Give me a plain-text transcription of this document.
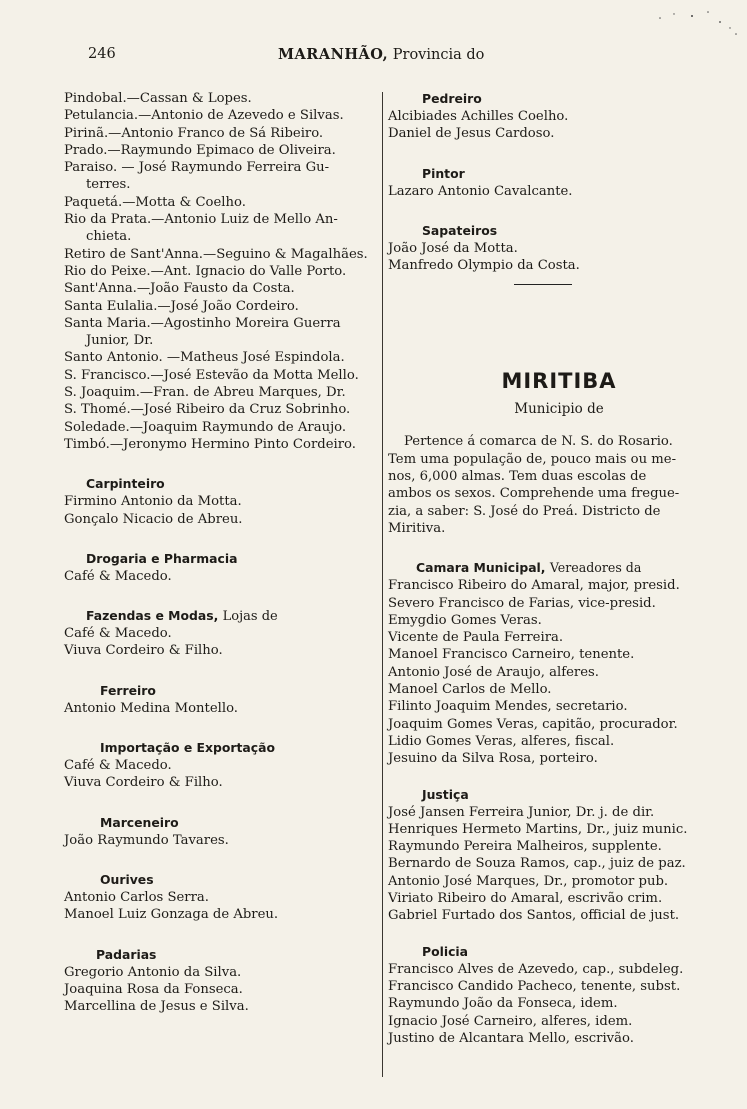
246	MARANHÃO, Provincia do
Pindobal.—Cassan & Lopes.
Petulancia.—Antonio de Azevedo e Silvas.
Pirinã.—Antonio Franco de Sá Ribeiro.
Prado.—Raymundo Epimaco de Oliveira.
Paraiso. — José Raymundo Ferreira Gu-
terres.
Paquetá.—Motta & Coelho.
Rio da Prata.—Antonio Luiz de Mello An-
chieta.
Retiro de Sant'Anna.—Seguino & Magalhães.
Rio do Peixe.—Ant. Ignacio do Valle Porto.
Sant'Anna.—João Fausto da Costa.
Santa Eulalia.—José João Cordeiro.
Santa Maria.—Agostinho Moreira Guerra
Junior, Dr.
Santo Antonio. —Matheus José Espindola.
S. Francisco.—José Estevão da Motta Mello.
S. Joaquim.—Fran. de Abreu Marques, Dr.
S. Thomé.—José Ribeiro da Cruz Sobrinho.
Soledade.—Joaquim Raymundo de Araujo.
Timbó.—Jeronymo Hermino Pinto Cordeiro.
Carpinteiro
Firmino Antonio da Motta.
Gonçalo Nicacio de Abreu.
Drogaria e Pharmacia
Café & Macedo.
Fazendas e Modas, Lojas de
Café & Macedo.
Viuva Cordeiro & Filho.
Ferreiro
Antonio Medina Montello.
Importação e Exportação
Café & Macedo.
Viuva Cordeiro & Filho.
Marceneiro
João Raymundo Tavares.
Ourives
Antonio Carlos Serra.
Manoel Luiz Gonzaga de Abreu.
Padarias
Gregorio Antonio da Silva.
Joaquina Rosa da Fonseca.
Marcellina de Jesus e Silva.
Pedreiro
Alcibiades Achilles Coelho.
Daniel de Jesus Cardoso.
Pintor
Lazaro Antonio Cavalcante.
Sapateiros
João José da Motta.
Manfredo Olympio da Costa.
MIRITIBA
Municipio de
Pertence á comarca de N. S. do Rosario.
Tem uma população de, pouco mais ou me-
nos, 6,000 almas. Tem duas escolas de
ambos os sexos. Comprehende uma fregue-
zia, a saber: S. José do Preá. Districto de
Miritiva.
Camara Municipal, Vereadores da
Francisco Ribeiro do Amaral, major, presid.
Severo Francisco de Farias, vice-presid.
Emygdio Gomes Veras.
Vicente de Paula Ferreira.
Manoel Francisco Carneiro, tenente.
Antonio José de Araujo, alferes.
Manoel Carlos de Mello.
Filinto Joaquim Mendes, secretario.
Joaquim Gomes Veras, capitão, procurador.
Lidio Gomes Veras, alferes, fiscal.
Jesuino da Silva Rosa, porteiro.
Justiça
José Jansen Ferreira Junior, Dr. j. de dir.
Henriques Hermeto Martins, Dr., juiz munic.
Raymundo Pereira Malheiros, supplente.
Bernardo de Souza Ramos, cap., juiz de paz.
Antonio José Marques, Dr., promotor pub.
Viriato Ribeiro do Amaral, escrivão crim.
Gabriel Furtado dos Santos, official de just.
Policia
Francisco Alves de Azevedo, cap., subdeleg.
Francisco Candido Pacheco, tenente, subst.
Raymundo João da Fonseca, idem.
Ignacio José Carneiro, alferes, idem.
Justino de Alcantara Mello, escrivão.
